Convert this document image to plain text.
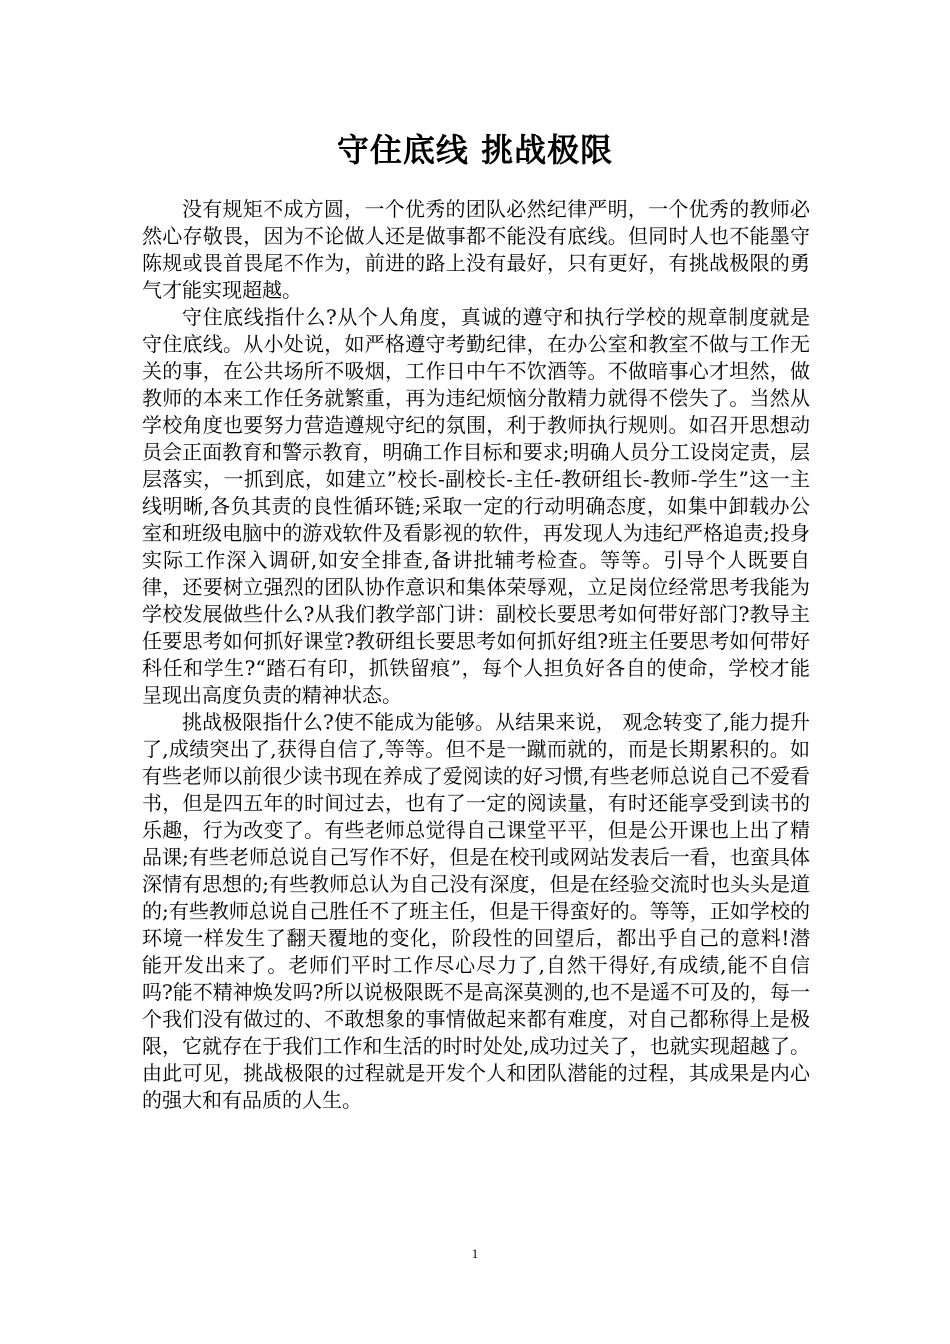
守住底线 挑战极限

没有规矩不成方圆，一个优秀的团队必然纪律严明，一个优秀的教师必然心存敬畏，因为不论做人还是做事都不能没有底线。但同时人也不能墨守陈规或畏首畏尾不作为，前进的路上没有最好，只有更好，有挑战极限的勇气才能实现超越。

守住底线指什么?从个人角度，真诚的遵守和执行学校的规章制度就是守住底线。从小处说，如严格遵守考勤纪律，在办公室和教室不做与工作无关的事，在公共场所不吸烟，工作日中午不饮酒等。不做暗事心才坦然，做教师的本来工作任务就繁重，再为违纪烦恼分散精力就得不偿失了。当然从学校角度也要努力营造遵规守纪的氛围，利于教师执行规则。如召开思想动员会正面教育和警示教育，明确工作目标和要求;明确人员分工设岗定责，层层落实，一抓到底，如建立”校长-副校长-主任-教研组长-教师-学生”这一主线明晰,各负其责的良性循环链;采取一定的行动明确态度，如集中卸载办公室和班级电脑中的游戏软件及看影视的软件，再发现人为违纪严格追责;投身实际工作深入调研,如安全排查,备讲批辅考检查。等等。引导个人既要自律，还要树立强烈的团队协作意识和集体荣辱观，立足岗位经常思考我能为学校发展做些什么?从我们教学部门讲：副校长要思考如何带好部门?教导主任要思考如何抓好课堂?教研组长要思考如何抓好组?班主任要思考如何带好科任和学生?“踏石有印，抓铁留痕”，每个人担负好各自的使命，学校才能呈现出高度负责的精神状态。

挑战极限指什么?使不能成为能够。从结果来说， 观念转变了,能力提升了,成绩突出了,获得自信了,等等。但不是一蹴而就的，而是长期累积的。如有些老师以前很少读书现在养成了爱阅读的好习惯,有些老师总说自己不爱看书，但是四五年的时间过去，也有了一定的阅读量，有时还能享受到读书的乐趣，行为改变了。有些老师总觉得自己课堂平平，但是公开课也上出了精品课;有些老师总说自己写作不好，但是在校刊或网站发表后一看，也蛮具体深情有思想的;有些教师总认为自己没有深度，但是在经验交流时也头头是道的;有些教师总说自己胜任不了班主任，但是干得蛮好的。等等，正如学校的环境一样发生了翻天覆地的变化，阶段性的回望后，都出乎自己的意料!潜能开发出来了。老师们平时工作尽心尽力了,自然干得好,有成绩,能不自信吗?能不精神焕发吗?所以说极限既不是高深莫测的,也不是遥不可及的，每一个我们没有做过的、不敢想象的事情做起来都有难度，对自己都称得上是极限，它就存在于我们工作和生活的时时处处,成功过关了，也就实现超越了。由此可见，挑战极限的过程就是开发个人和团队潜能的过程，其成果是内心的强大和有品质的人生。

1
